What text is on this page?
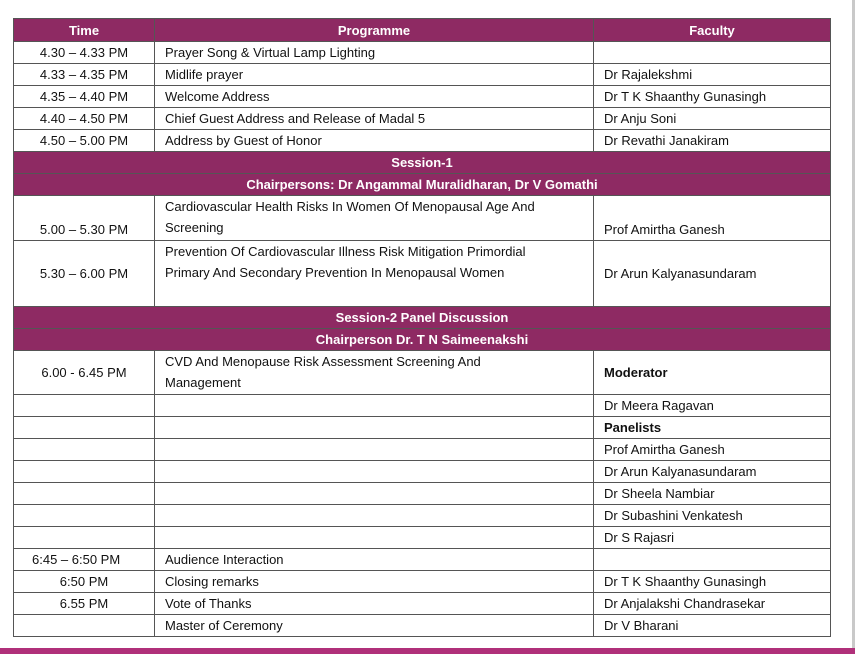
Time	Programme	Faculty
4.30 – 4.33 PM	Prayer Song & Virtual Lamp Lighting	
4.33 – 4.35 PM	Midlife prayer	Dr Rajalekshmi
4.35 – 4.40 PM	Welcome Address	Dr T K Shaanthy Gunasingh
4.40 – 4.50 PM	Chief Guest Address and Release of Madal 5	Dr Anju Soni
4.50 – 5.00 PM	Address by Guest of Honor	Dr Revathi Janakiram
Session-1		
Chairpersons: Dr Angammal Muralidharan, Dr V Gomathi		
5.00 – 5.30 PM	Cardiovascular Health Risks In Women Of Menopausal Age And Screening	Prof Amirtha Ganesh
5.30 – 6.00 PM	Prevention Of Cardiovascular Illness Risk Mitigation Primordial Primary And Secondary Prevention In Menopausal Women	Dr Arun Kalyanasundaram
Session-2 Panel Discussion		
Chairperson Dr. T N Saimeenakshi		
6.00 - 6.45 PM	CVD And Menopause Risk Assessment Screening And Management	Moderator
		Dr Meera Ragavan
		Panelists
		Prof Amirtha Ganesh
		Dr Arun Kalyanasundaram
		Dr Sheela Nambiar
		Dr Subashini Venkatesh
		Dr S Rajasri
6:45 – 6:50 PM	Audience Interaction	
6:50 PM	Closing remarks	Dr T K Shaanthy Gunasingh
6.55 PM	Vote of Thanks	Dr Anjalakshi Chandrasekar
	Master of Ceremony	Dr V Bharani
